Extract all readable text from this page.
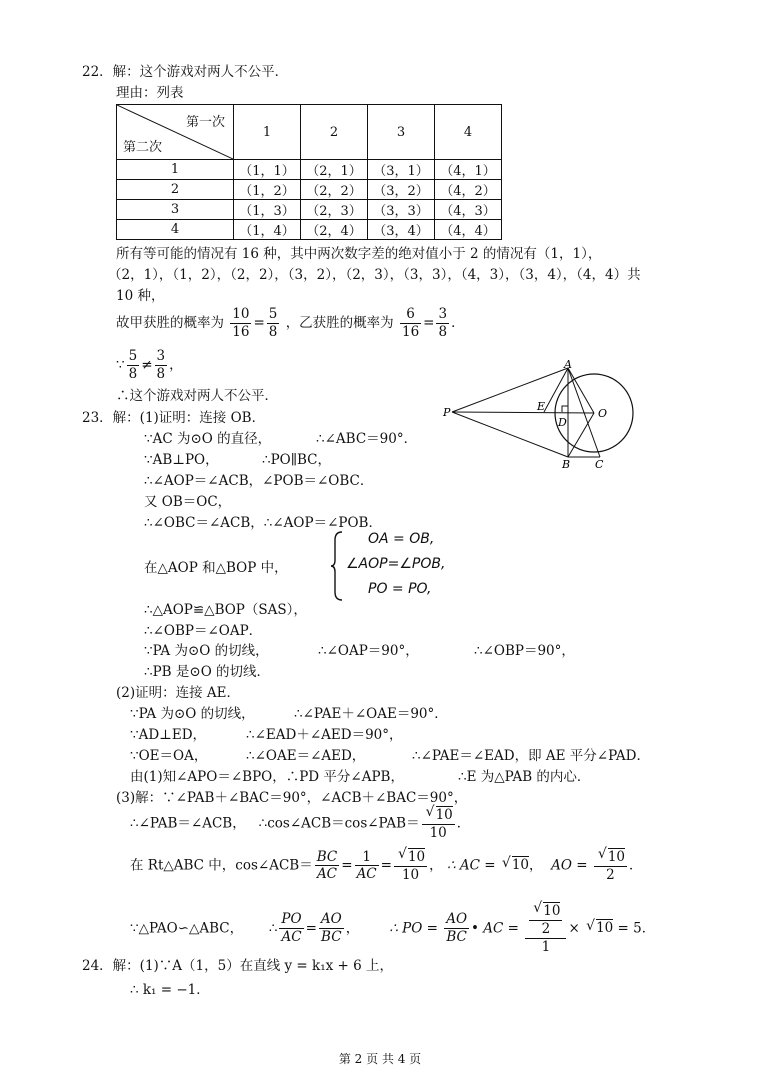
22．解：这个游戏对两人不公平．
理由：列表
第一次
第二次	1	2	3	4
1	（1，1）	（2，1）	（3，1）	（4，1）
2	（1，2）	（2，2）	（3，2）	（4，2）
3	（1，3）	（2，3）	（3，3）	（4，3）
4	（1，4）	（2，4）	（3，4）	（4，4）
所有等可能的情况有 16 种，其中两次数字差的绝对值小于 2 的情况有（1，1），
（2，1），（1，2），（2，2），（3，2），（2，3），（3，3），（4，3），（3，4），（4，4）共
10 种，
故甲获胜的概率为 $\frac{10}{16} = \frac{5}{8}$ ，乙获胜的概率为 $\frac{6}{16} = \frac{3}{8}$ ．
∵ $\frac{5}{8} \ne \frac{3}{8}$ ，
∴这个游戏对两人不公平．
A
B C
D
E
O
P
23．解：(1)证明：连接 OB．
∵AC 为⊙O 的直径，	∴∠ABC＝90°．
∵AB⊥PO，	∴PO∥BC，
∴∠AOP＝∠ACB，∠POB＝∠OBC．
又 OB＝OC，
∴∠OBC＝∠ACB，∴∠AOP＝∠POB．
在△AOP 和△BOP 中，
OA = OB,
∠AOP=∠POB,
PO = PO,
∴△AOP≌△BOP（SAS），
∴∠OBP＝∠OAP．
∵PA 为⊙O 的切线，	∴∠OAP＝90°，	∴∠OBP＝90°，
∴PB 是⊙O 的切线．
(2)证明：连接 AE．
∵PA 为⊙O 的切线，	∴∠PAE＋∠OAE＝90°．
∵AD⊥ED，	∴∠EAD＋∠AED＝90°，
∵OE＝OA，	∴∠OAE＝∠AED，	∴∠PAE＝∠EAD，即 AE 平分∠PAD．
由(1)知∠APO＝∠BPO，∴PD 平分∠APB，	∴E 为△PAB 的内心．
(3)解：∵∠PAB＋∠BAC＝90°，∠ACB＋∠BAC＝90°，
∴∠PAB＝∠ACB， ∴cos∠ACB＝cos∠PAB＝ √ $\frac{10}{10}$ ．
在 Rt△ABC 中，cos∠ACB＝ $\frac{BC}{AC} = \frac{1}{AC}$ = √ $\frac{10}{10}$ ， ∴ AC = √ 10，  AO = √ $\frac{10}{2}$ ．
∵△PAO∽△ABC，      ∴ $\frac{PO}{AC} = \frac{AO}{BC}$ ，       ∴ PO = $\frac{AO}{BC}$ • AC = √ $\frac{\frac{10}{2}}{1}$ × √ 10 = 5．
24．解：(1)∵A（1，5）在直线 y = k₁x + 6 上，
∴ k₁ = −1．
第 2 页 共 4 页
